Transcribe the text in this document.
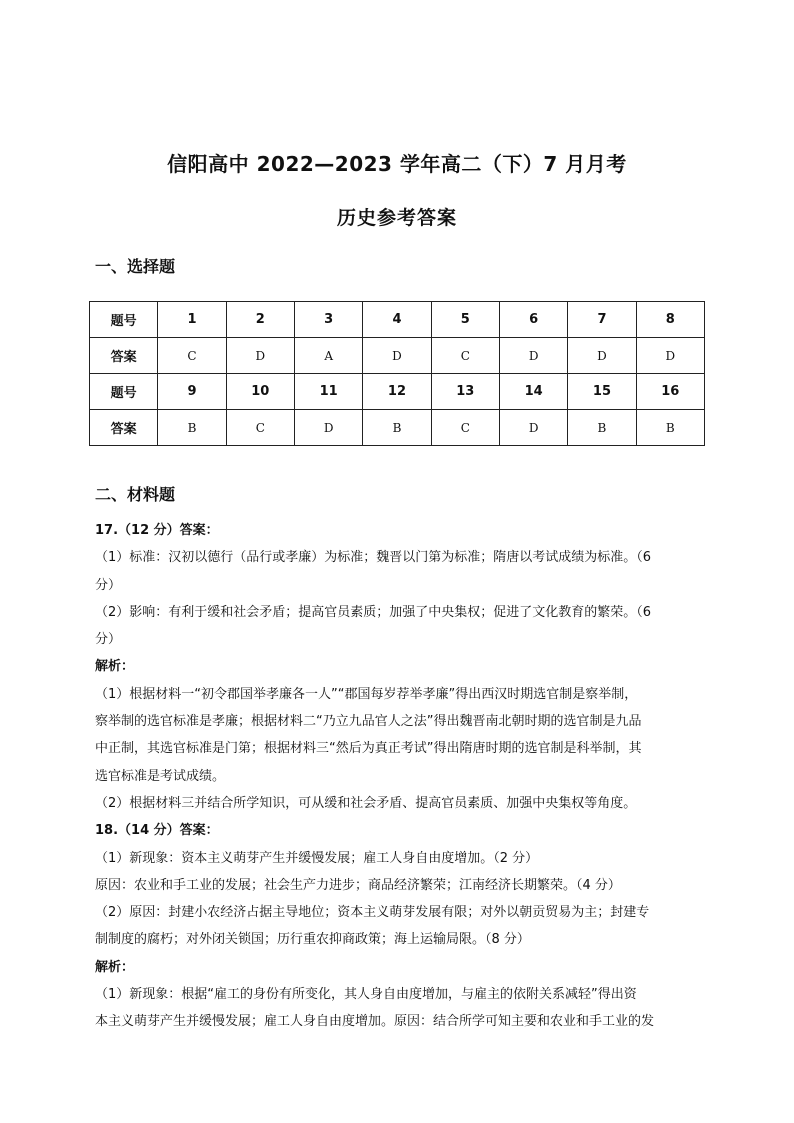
信阳高中 2022—2023 学年高二（下）7 月月考
历史参考答案
一、选择题
题号	1	2	3	4	5	6	7	8
答案	C	D	A	D	C	D	D	D
题号	9	10	11	12	13	14	15	16
答案	B	C	D	B	C	D	B	B
二、材料题

17.（12 分）答案：

（1）标准：汉初以德行（品行或孝廉）为标准；魏晋以门第为标准；隋唐以考试成绩为标准。（6

分）

（2）影响：有利于缓和社会矛盾；提高官员素质；加强了中央集权；促进了文化教育的繁荣。（6

分）

解析：

（1）根据材料一“初令郡国举孝廉各一人”“郡国每岁荐举孝廉”得出西汉时期选官制是察举制，

察举制的选官标准是孝廉；根据材料二“乃立九品官人之法”得出魏晋南北朝时期的选官制是九品

中正制，其选官标准是门第；根据材料三“然后为真正考试”得出隋唐时期的选官制是科举制，其

选官标准是考试成绩。

（2）根据材料三并结合所学知识，可从缓和社会矛盾、提高官员素质、加强中央集权等角度。

18.（14 分）答案：

（1）新现象：资本主义萌芽产生并缓慢发展；雇工人身自由度增加。（2 分）

原因：农业和手工业的发展；社会生产力进步；商品经济繁荣；江南经济长期繁荣。（4 分）

（2）原因：封建小农经济占据主导地位；资本主义萌芽发展有限；对外以朝贡贸易为主；封建专

制制度的腐朽；对外闭关锁国；历行重农抑商政策；海上运输局限。（8 分）

解析：

（1）新现象：根据“雇工的身份有所变化，其人身自由度增加，与雇主的依附关系减轻”得出资

本主义萌芽产生并缓慢发展；雇工人身自由度增加。原因：结合所学可知主要和农业和手工业的发
